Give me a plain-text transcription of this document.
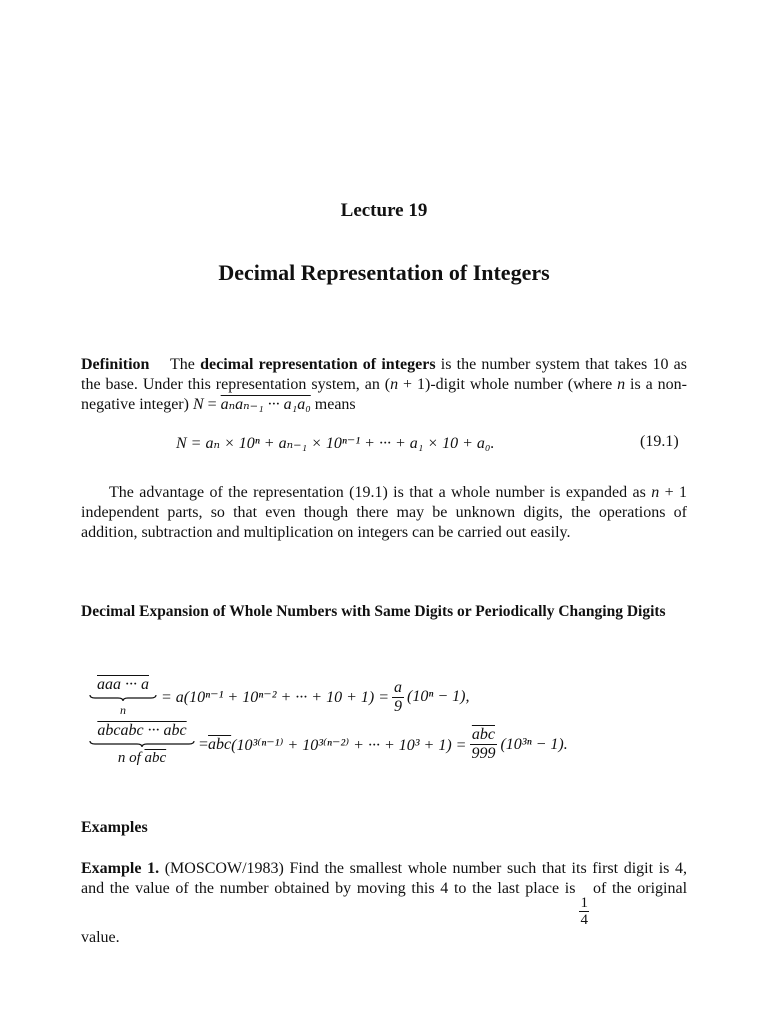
Lecture 19
Decimal Representation of Integers
Definition The decimal representation of integers is the number system that takes 10 as the base. Under this representation system, an (n + 1)-digit whole number (where n is a non-negative integer) N = aₙaₙ₋₁ ··· a₁a₀ means
N = aₙ × 10ⁿ + aₙ₋₁ × 10ⁿ⁻¹ + ··· + a₁ × 10 + a₀.	(19.1)
The advantage of the representation (19.1) is that a whole number is expanded as n + 1 independent parts, so that even though there may be unknown digits, the operations of addition, subtraction and multiplication on integers can be carried out easily.
Decimal Expansion of Whole Numbers with Same Digits or Periodically Changing Digits
aaa ··· a
n
= a(10ⁿ⁻¹ + 10ⁿ⁻² + ··· + $10 + 1) = \frac{a}{9} (10^n - 1)$,
abcabc ··· abc
n of $\overline{abc}$
= $\overline{abc}$ (10³⁽ⁿ⁻¹⁾ + 10³⁽ⁿ⁻²⁾ + ··· + $10^3 + 1) = \frac{\overline{abc}}{999} (10^{3n} - 1)$.
Examples
Example 1. (MOSCOW/1983) Find the smallest whole number such that its first digit is 4, and the value of the number obtained by moving this 4 to the last place is
$\frac{1}{4}$
of the original value.
